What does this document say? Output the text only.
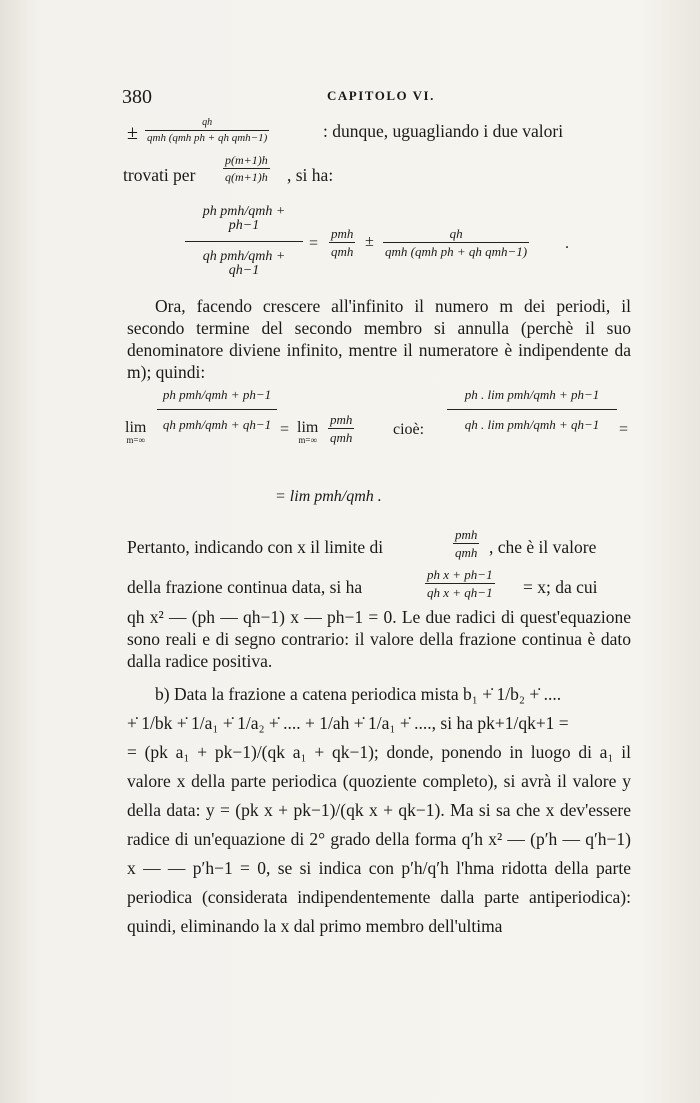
380	CAPITOLO VI.
±	qh
qmh (qmh ph + qh qmh−1)	: dunque, uguagliando i due valori
trovati per $\frac{p(m+1)h}{q(m+1)h}$ , si ha:
ph pmh/qmh + ph−1
qh pmh/qmh + qh−1
=
pmh
qmh
±	qh
qmh (qmh ph + qh qmh−1) .
Ora, facendo crescere all'infinito il numero m dei periodi, il secondo termine del secondo membro si annulla (perchè il suo denominatore diviene infinito, mentre il numeratore è indipendente da m); quindi:
lim
m=∞
ph pmh/qmh + ph−1
qh pmh/qmh + qh−1 = lim
m=∞
pmh
qmh	cioè:
ph . lim pmh/qmh + ph−1
qh . lim pmh/qmh + qh−1	=
= lim pmh/qmh .
Pertanto, indicando con x il limite di
pmh
qmh , che è il valore
della frazione continua data, si ha	$\frac{\text{ph x + ph−1}}{\text{qh x + qh−1}} = x$; da cui
qh x² — (ph — qh−1) x — ph−1 = 0. Le due radici di quest'equazione sono reali e di segno contrario: il valore della frazione continua è dato dalla radice positiva.
b) Data la frazione a catena periodica mista b₁ +̇ 1/b₂ +̇ ....
+̇ 1/bk +̇ 1/a₁ +̇ 1/a₂ +̇ .... + 1/ah +̇ 1/a₁ +̇ ...., si ha pk+1/qk+1 =
= (pk a₁ + pk−1)/(qk a₁ + qk−1); donde, ponendo in luogo di a₁ il valore x della parte periodica (quoziente completo), si avrà il valore y della data: y = (pk x + pk−1)/(qk x + qk−1). Ma si sa che x dev'essere radice di un'equazione di 2° grado della forma q′h x² — (p′h — q′h−1) x — — p′h−1 = 0, se si indica con p′h/q′h l'hma ridotta della parte periodica (considerata indipendentemente dalla parte antiperiodica): quindi, eliminando la x dal primo membro dell'ultima
